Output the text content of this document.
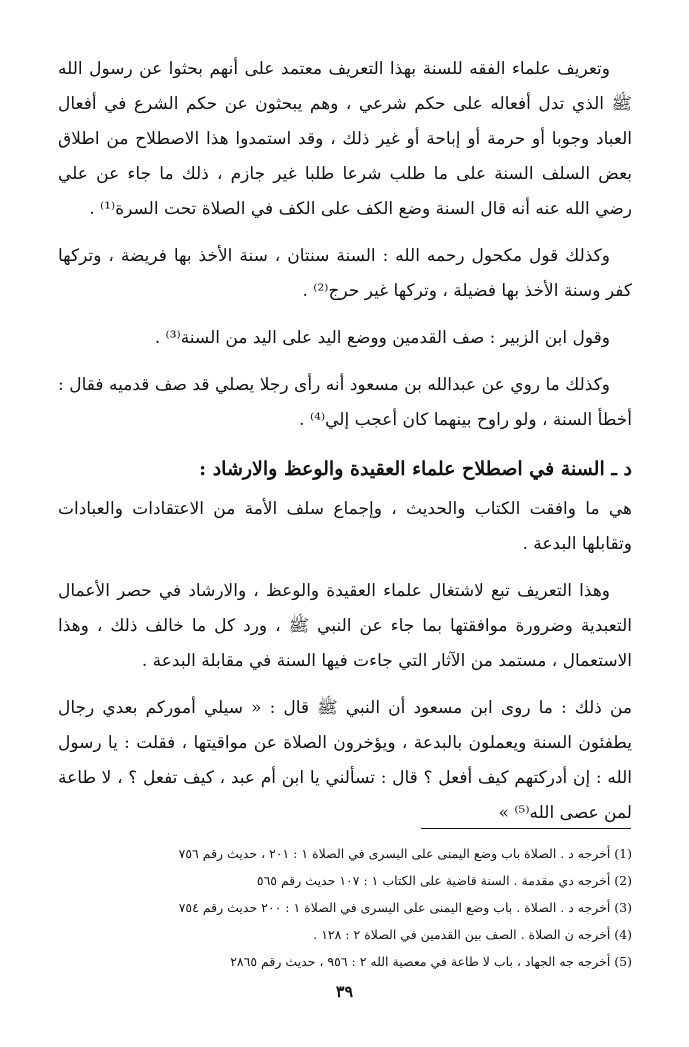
وتعريف علماء الفقه للسنة بهذا التعريف معتمد على أنهم بحثوا عن رسول الله ﷺ الذي تدل أفعاله على حكم شرعي ، وهم يبحثون عن حكم الشرع في أفعال العباد وجوبا أو حرمة أو إباحة أو غير ذلك ، وقد استمدوا هذا الاصطلاح من اطلاق بعض السلف السنة على ما طلب شرعا طلبا غير جازم ، ذلك ما جاء عن علي رضي الله عنه أنه قال السنة وضع الكف على الكف في الصلاة تحت السرة⁽¹⁾ .

وكذلك قول مكحول رحمه الله : السنة سنتان ، سنة الأخذ بها فريضة ، وتركها كفر وسنة الأخذ بها فضيلة ، وتركها غير حرج⁽²⁾ .

وقول ابن الزبير : صف القدمين ووضع اليد على اليد من السنة⁽³⁾ .

وكذلك ما روي عن عبدالله بن مسعود أنه رأى رجلا يصلي قد صف قدميه فقال : أخطأ السنة ، ولو راوح بينهما كان أعجب إلي⁽⁴⁾ .

د ـ السنة في اصطلاح علماء العقيدة والوعظ والارشاد :

هي ما وافقت الكتاب والحديث ، وإجماع سلف الأمة من الاعتقادات والعبادات وتقابلها البدعة .

وهذا التعريف تبع لاشتغال علماء العقيدة والوعظ ، والارشاد في حصر الأعمال التعبدية وضرورة موافقتها بما جاء عن النبي ﷺ ، ورد كل ما خالف ذلك ، وهذا الاستعمال ، مستمد من الآثار التي جاءت فيها السنة في مقابلة البدعة .

من ذلك : ما روى ابن مسعود أن النبي ﷺ قال : « سيلي أموركم بعدي رجال يطفئون السنة ويعملون بالبدعة ، ويؤخرون الصلاة عن مواقيتها ، فقلت : يا رسول الله : إن أدركتهم كيف أفعل ؟ قال : تسألني يا ابن أم عبد ، كيف تفعل ؟ ، لا طاعة لمن عصى الله⁽⁵⁾ »

(1) أخرجه د . الصلاة باب وضع اليمنى على اليسرى في الصلاة ١ : ٢٠١ ، حديث رقم ٧٥٦

(2) أخرجه دي مقدمة . السنة قاضية على الكتاب ١ : ١٠٧ حديث رقم ٥٦٥

(3) أخرجه د . الصلاة . باب وضع اليمنى على اليسرى في الصلاة ١ : ٢٠٠ حديث رقم ٧٥٤

(4) أخرجه ن الصلاة . الصف بين القدمين في الصلاة ٢ : ١٢٨ .

(5) أخرجه جه الجهاد ، باب لا طاعة في معصية الله ٢ : ٩٥٦ ، حديث رقم ٢٨٦٥

٣٩
